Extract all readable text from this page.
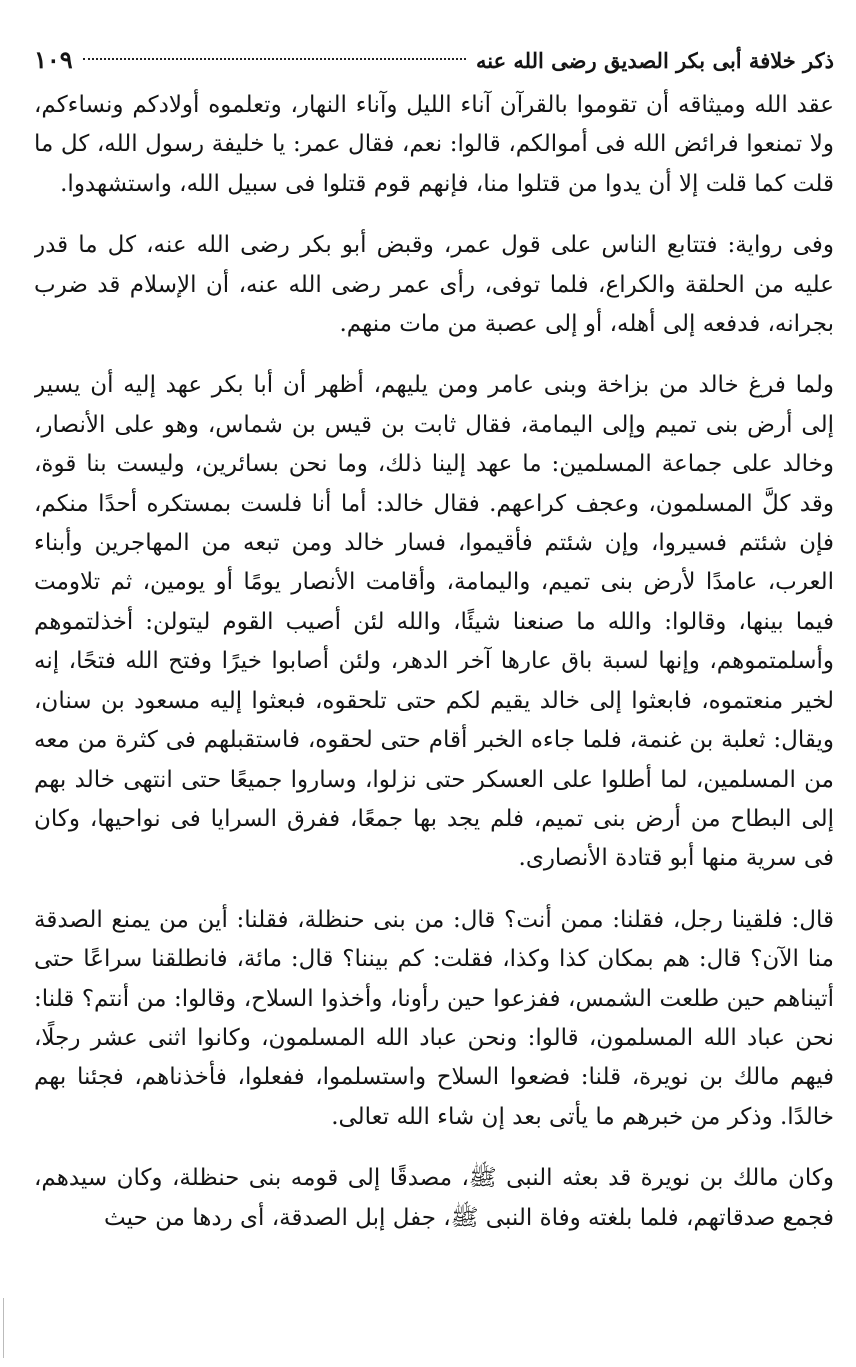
ذكر خلافة أبى بكر الصديق رضى الله عنه
١٠٩

عقد الله وميثاقه أن تقوموا بالقرآن آناء الليل وآناء النهار، وتعلموه أولادكم ونساءكم، ولا تمنعوا فرائض الله فى أموالكم، قالوا: نعم، فقال عمر: يا خليفة رسول الله، كل ما قلت كما قلت إلا أن يدوا من قتلوا منا، فإنهم قوم قتلوا فى سبيل الله، واستشهدوا.

وفى رواية: فتتابع الناس على قول عمر، وقبض أبو بكر رضى الله عنه، كل ما قدر عليه من الحلقة والكراع، فلما توفى، رأى عمر رضى الله عنه، أن الإسلام قد ضرب بجرانه، فدفعه إلى أهله، أو إلى عصبة من مات منهم.

ولما فرغ خالد من بزاخة وبنى عامر ومن يليهم، أظهر أن أبا بكر عهد إليه أن يسير إلى أرض بنى تميم وإلى اليمامة، فقال ثابت بن قيس بن شماس، وهو على الأنصار، وخالد على جماعة المسلمين: ما عهد إلينا ذلك، وما نحن بسائرين، وليست بنا قوة، وقد كلَّ المسلمون، وعجف كراعهم. فقال خالد: أما أنا فلست بمستكره أحدًا منكم، فإن شئتم فسيروا، وإن شئتم فأقيموا، فسار خالد ومن تبعه من المهاجرين وأبناء العرب، عامدًا لأرض بنى تميم، واليمامة، وأقامت الأنصار يومًا أو يومين، ثم تلاومت فيما بينها، وقالوا: والله ما صنعنا شيئًا، والله لئن أصيب القوم ليتولن: أخذلتموهم وأسلمتموهم، وإنها لسبة باق عارها آخر الدهر، ولئن أصابوا خيرًا وفتح الله فتحًا، إنه لخير منعتموه، فابعثوا إلى خالد يقيم لكم حتى تلحقوه، فبعثوا إليه مسعود بن سنان، ويقال: ثعلبة بن غنمة، فلما جاءه الخبر أقام حتى لحقوه، فاستقبلهم فى كثرة من معه من المسلمين، لما أطلوا على العسكر حتى نزلوا، وساروا جميعًا حتى انتهى خالد بهم إلى البطاح من أرض بنى تميم، فلم يجد بها جمعًا، ففرق السرايا فى نواحيها، وكان فى سرية منها أبو قتادة الأنصارى.

قال: فلقينا رجل، فقلنا: ممن أنت؟ قال: من بنى حنظلة، فقلنا: أين من يمنع الصدقة منا الآن؟ قال: هم بمكان كذا وكذا، فقلت: كم بيننا؟ قال: مائة، فانطلقنا سراعًا حتى أتيناهم حين طلعت الشمس، ففزعوا حين رأونا، وأخذوا السلاح، وقالوا: من أنتم؟ قلنا: نحن عباد الله المسلمون، قالوا: ونحن عباد الله المسلمون، وكانوا اثنى عشر رجلًا، فيهم مالك بن نويرة، قلنا: فضعوا السلاح واستسلموا، ففعلوا، فأخذناهم، فجئنا بهم خالدًا. وذكر من خبرهم ما يأتى بعد إن شاء الله تعالى.

وكان مالك بن نويرة قد بعثه النبى ﷺ، مصدقًا إلى قومه بنى حنظلة، وكان سيدهم، فجمع صدقاتهم، فلما بلغته وفاة النبى ﷺ، جفل إبل الصدقة، أى ردها من حيث
